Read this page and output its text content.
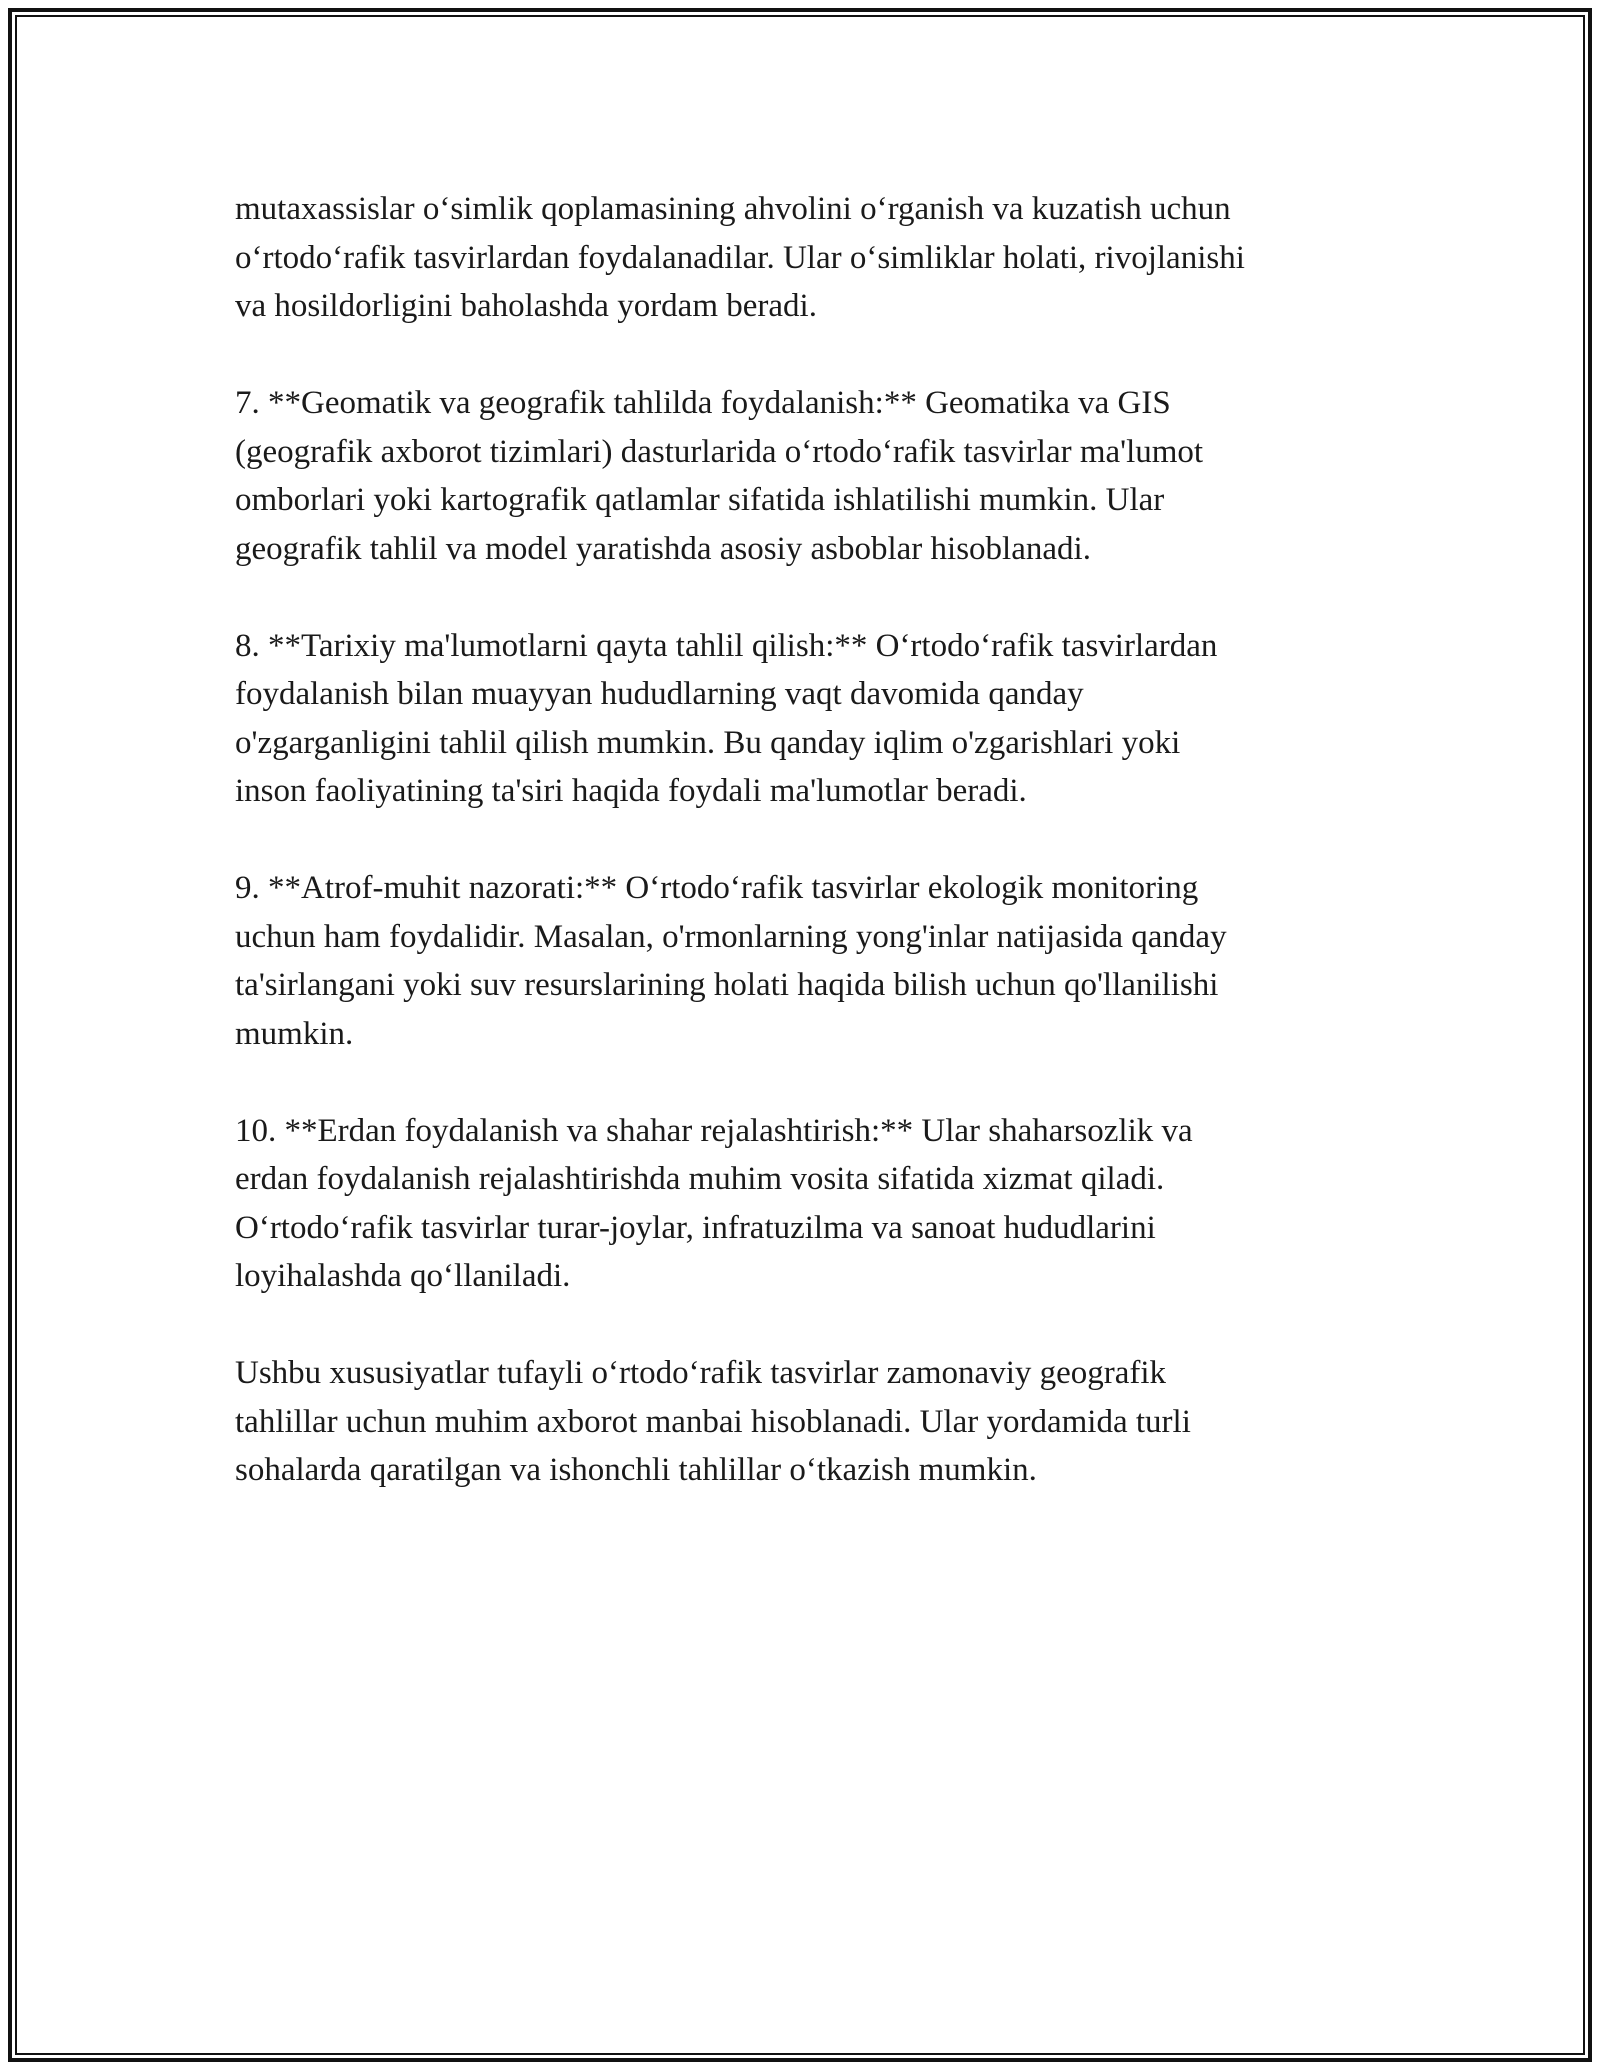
mutaxassislar o‘simlik qoplamasining ahvolini o‘rganish va kuzatish uchun
o‘rtodo‘rafik tasvirlardan foydalanadilar. Ular o‘simliklar holati, rivojlanishi
va hosildorligini baholashda yordam beradi.

7. **Geomatik va geografik tahlilda foydalanish:** Geomatika va GIS
(geografik axborot tizimlari) dasturlarida o‘rtodo‘rafik tasvirlar ma'lumot
omborlari yoki kartografik qatlamlar sifatida ishlatilishi mumkin. Ular
geografik tahlil va model yaratishda asosiy asboblar hisoblanadi.

8. **Tarixiy ma'lumotlarni qayta tahlil qilish:** O‘rtodo‘rafik tasvirlardan
foydalanish bilan muayyan hududlarning vaqt davomida qanday
o'zgarganligini tahlil qilish mumkin. Bu qanday iqlim o'zgarishlari yoki
inson faoliyatining ta'siri haqida foydali ma'lumotlar beradi.

9. **Atrof-muhit nazorati:** O‘rtodo‘rafik tasvirlar ekologik monitoring
uchun ham foydalidir. Masalan, o'rmonlarning yong'inlar natijasida qanday
ta'sirlangani yoki suv resurslarining holati haqida bilish uchun qo'llanilishi
mumkin.

10. **Erdan foydalanish va shahar rejalashtirish:** Ular shaharsozlik va
erdan foydalanish rejalashtirishda muhim vosita sifatida xizmat qiladi.
O‘rtodo‘rafik tasvirlar turar-joylar, infratuzilma va sanoat hududlarini
loyihalashda qo‘llaniladi.

Ushbu xususiyatlar tufayli o‘rtodo‘rafik tasvirlar zamonaviy geografik
tahlillar uchun muhim axborot manbai hisoblanadi. Ular yordamida turli
sohalarda qaratilgan va ishonchli tahlillar o‘tkazish mumkin.
